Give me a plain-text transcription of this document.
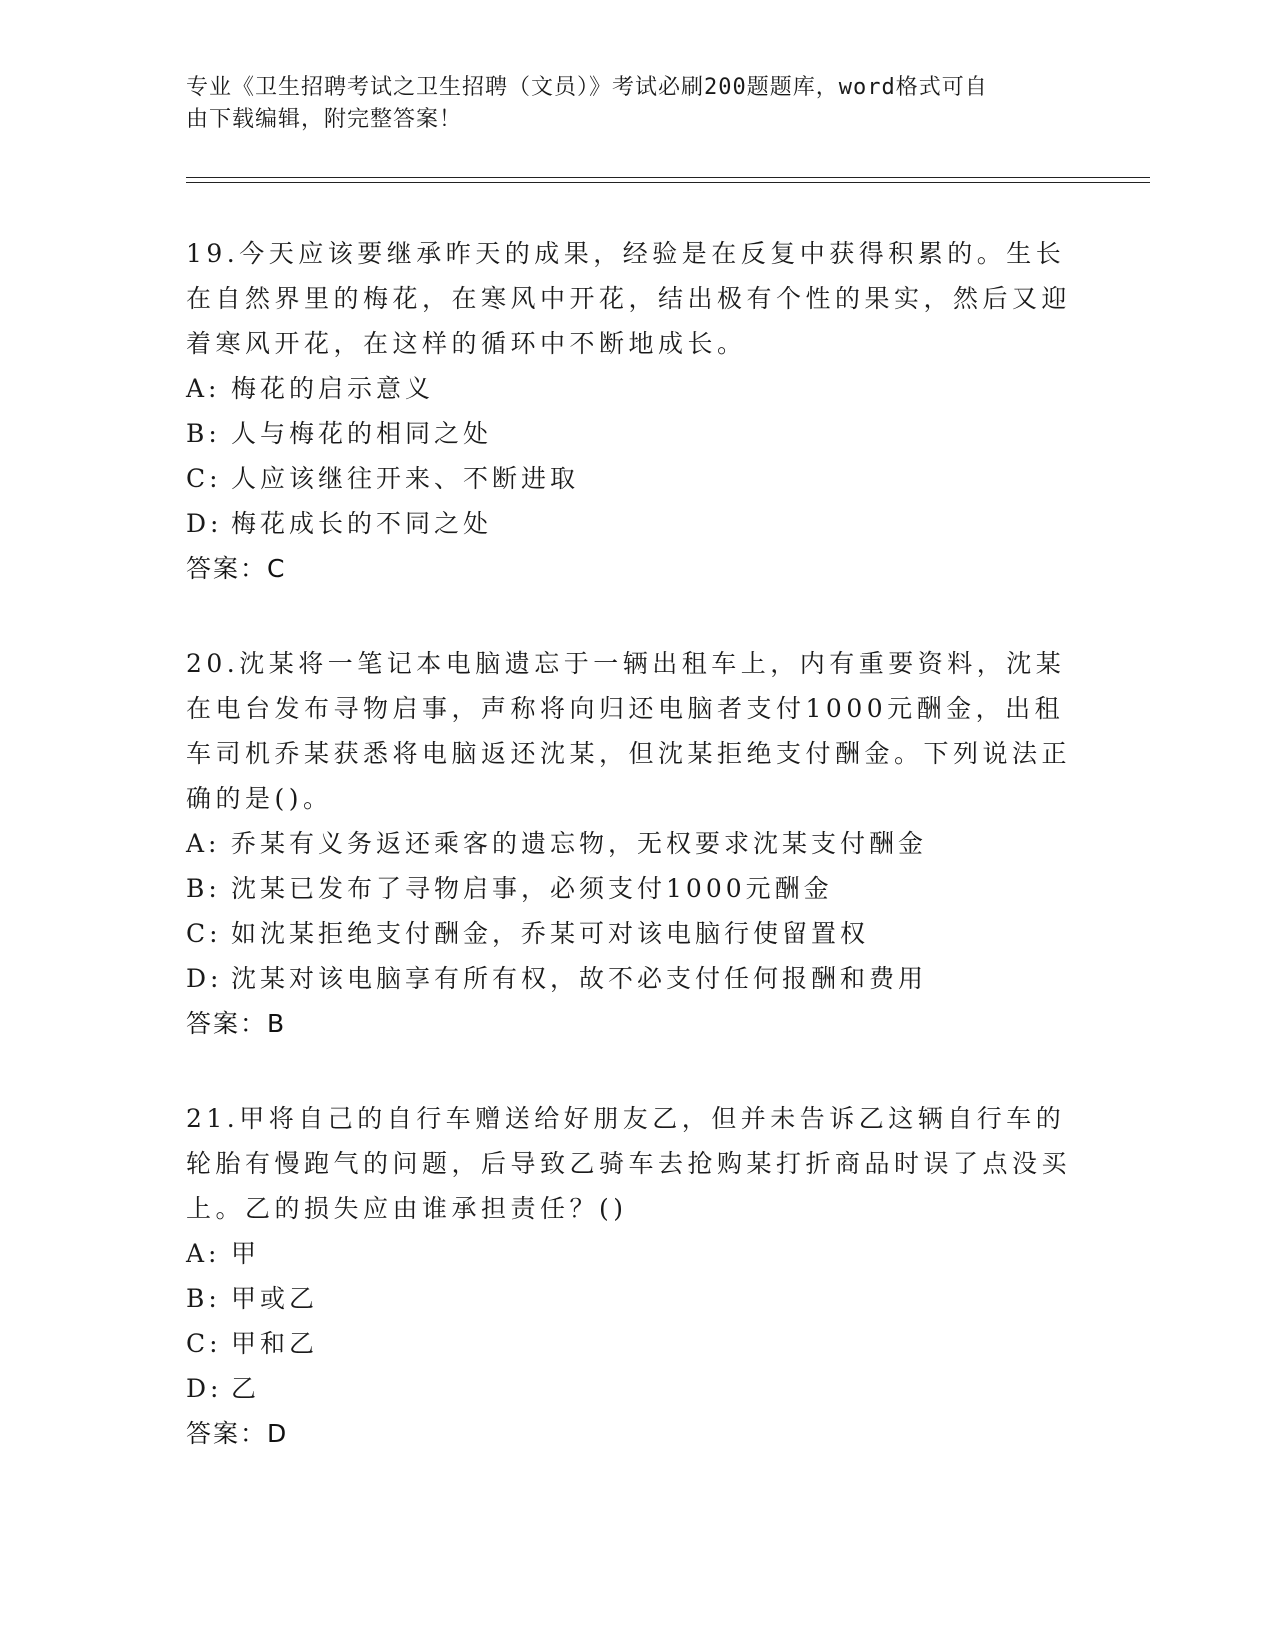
专业《卫生招聘考试之卫生招聘（文员）》考试必刷200题题库，word格式可自
由下载编辑，附完整答案！

19.今天应该要继承昨天的成果，经验是在反复中获得积累的。生长在自然界里的梅花，在寒风中开花，结出极有个性的果实，然后又迎着寒风开花，在这样的循环中不断地成长。

A: 梅花的启示意义
B: 人与梅花的相同之处
C: 人应该继往开来、不断进取
D: 梅花成长的不同之处
答案：C

20.沈某将一笔记本电脑遗忘于一辆出租车上，内有重要资料，沈某在电台发布寻物启事，声称将向归还电脑者支付1000元酬金，出租车司机乔某获悉将电脑返还沈某，但沈某拒绝支付酬金。下列说法正确的是()。

A: 乔某有义务返还乘客的遗忘物，无权要求沈某支付酬金
B: 沈某已发布了寻物启事，必须支付1000元酬金
C: 如沈某拒绝支付酬金，乔某可对该电脑行使留置权
D: 沈某对该电脑享有所有权，故不必支付任何报酬和费用
答案：B

21.甲将自己的自行车赠送给好朋友乙，但并未告诉乙这辆自行车的轮胎有慢跑气的问题，后导致乙骑车去抢购某打折商品时误了点没买上。乙的损失应由谁承担责任？()

A: 甲
B: 甲或乙
C: 甲和乙
D: 乙
答案：D
